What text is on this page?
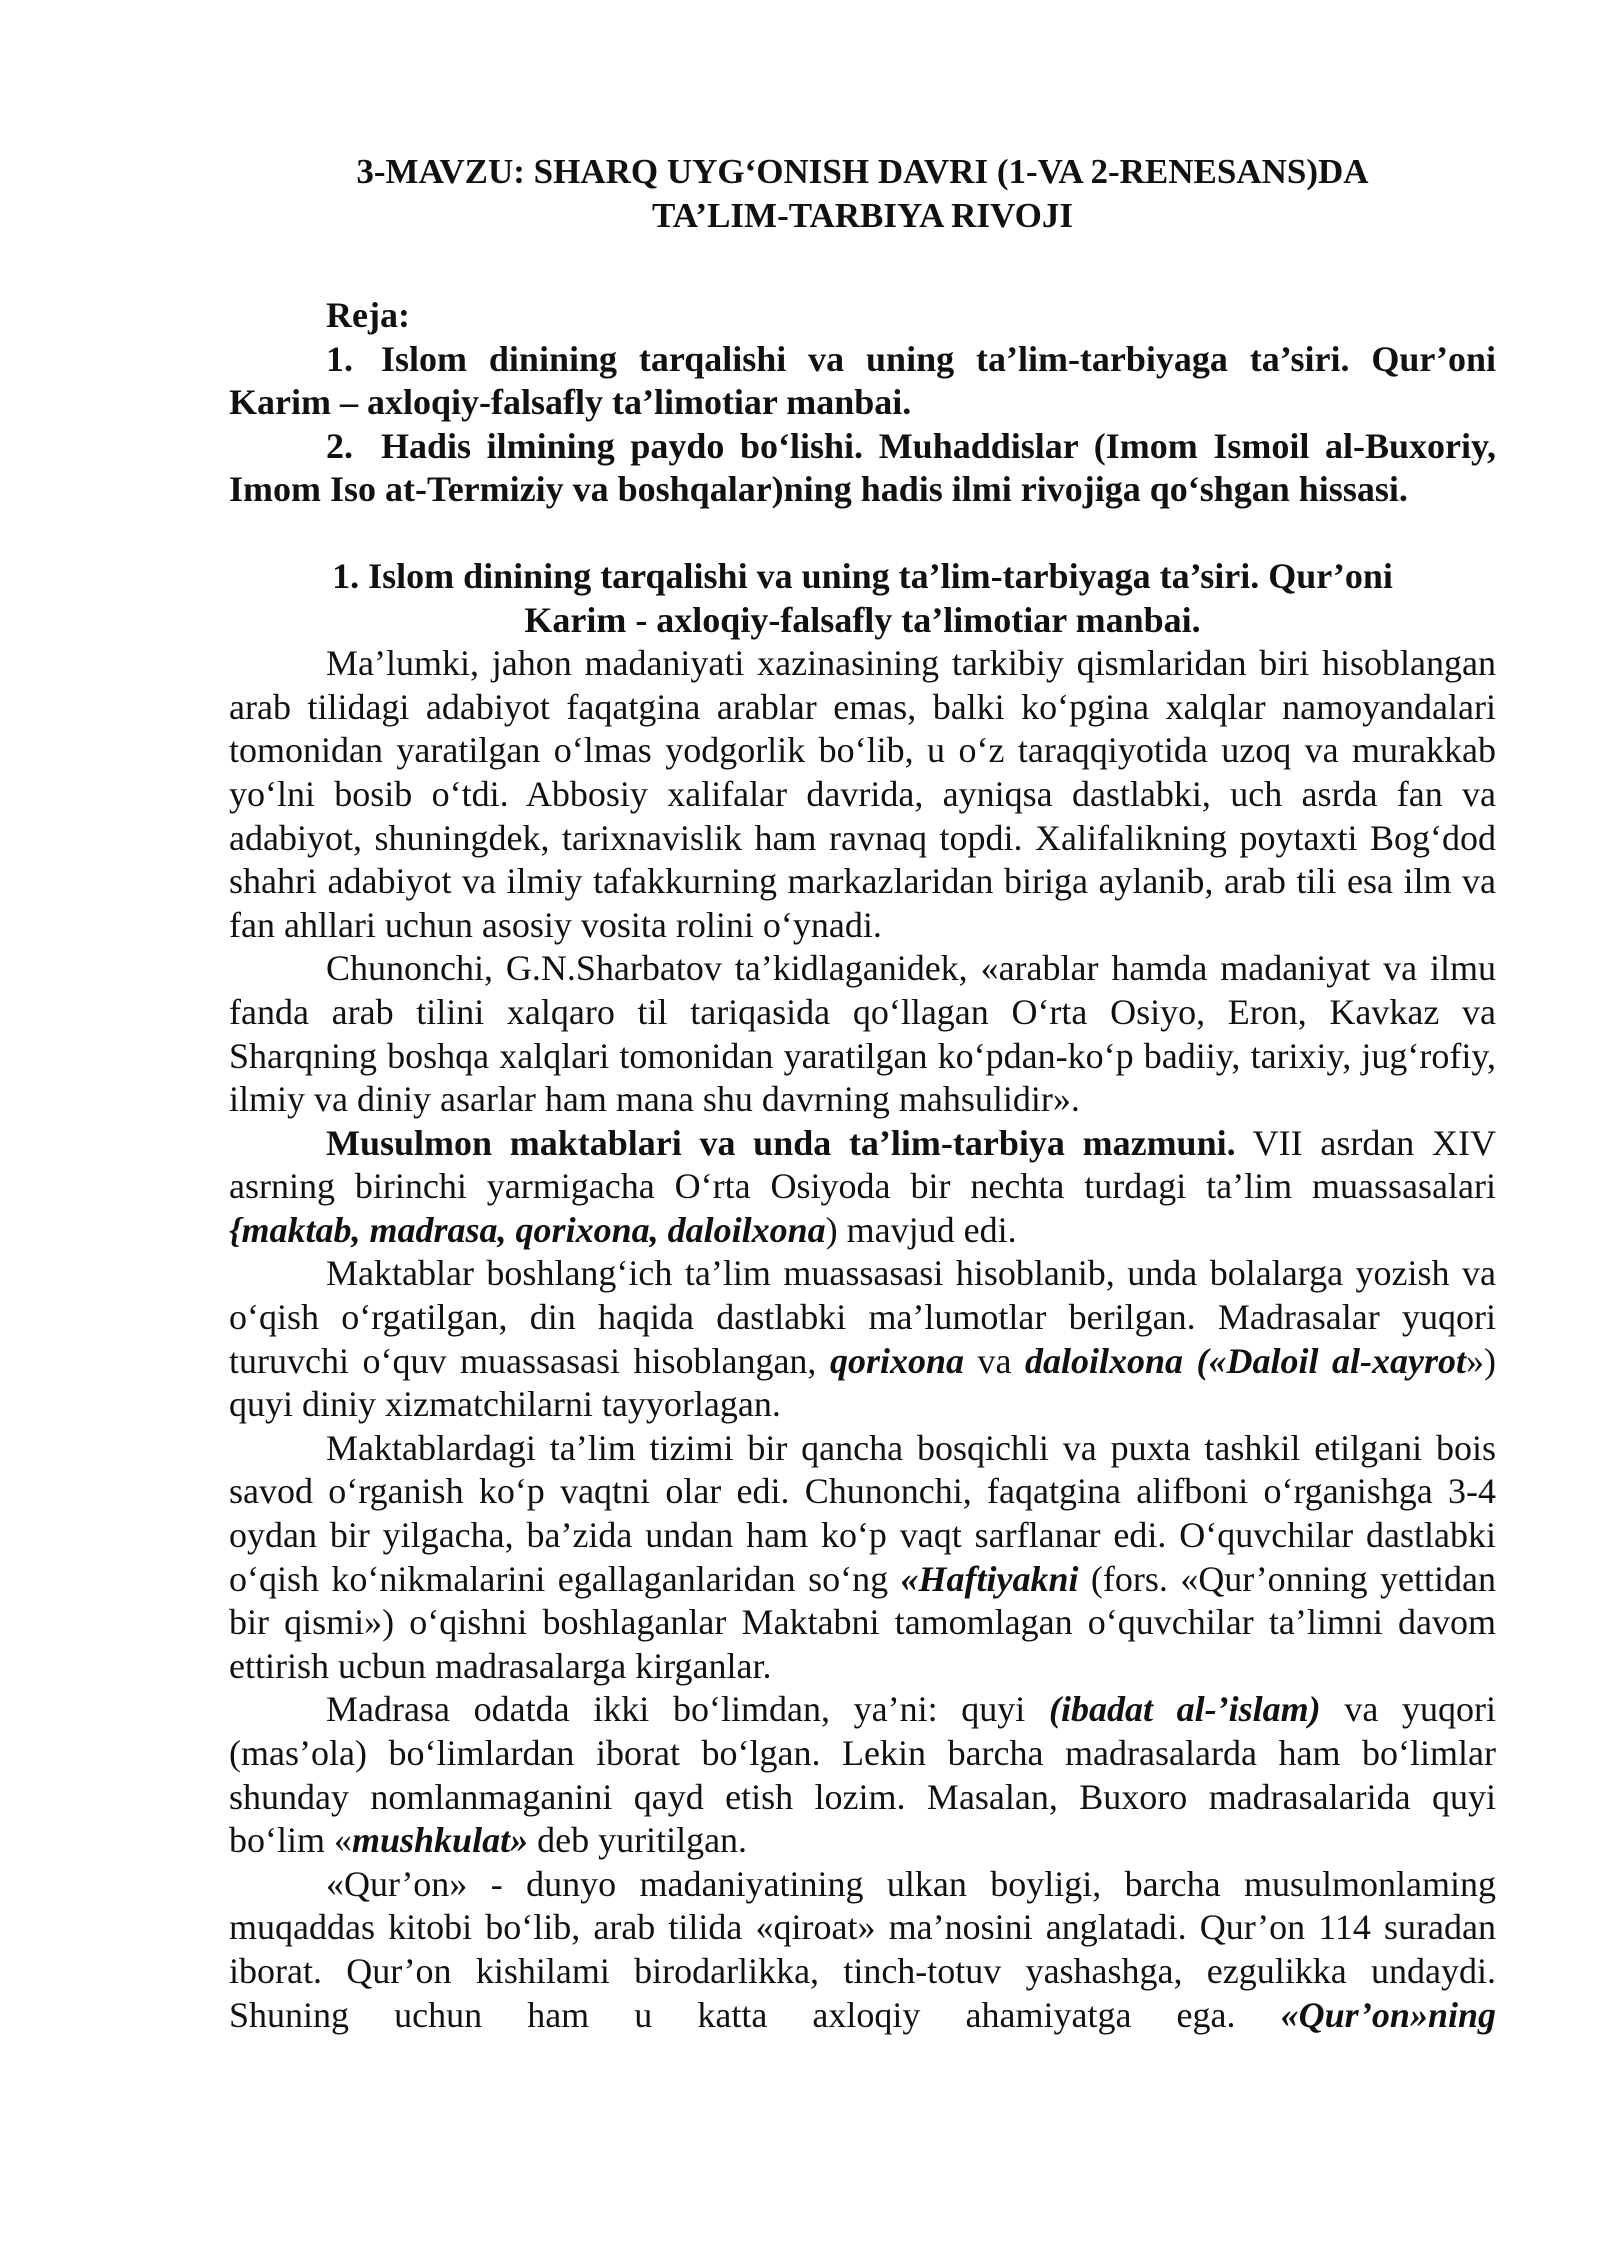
3-MAVZU: SHARQ UYG‘ONISH DAVRI (1-VA 2-RENESANS)DA
TA’LIM-TARBIYA RIVOJI

Reja:

1. Islom dinining tarqalishi va uning ta’lim-tarbiyaga ta’siri. Qur’oni Karim – axloqiy-falsafly ta’limotiar manbai.

2. Hadis ilmining paydo bo‘lishi. Muhaddislar (Imom Ismoil al-Buxoriy, Imom Iso at-Termiziy va boshqalar)ning hadis ilmi rivojiga qo‘shgan hissasi.

1. Islom dinining tarqalishi va uning ta’lim-tarbiyaga ta’siri. Qur’oni
Karim - axloqiy-falsafly ta’limotiar manbai.

Ma’lumki, jahon madaniyati xazinasining tarkibiy qismlaridan biri hisoblangan arab tilidagi adabiyot faqatgina arablar emas, balki ko‘pgina xalqlar namoyandalari tomonidan yaratilgan o‘lmas yodgorlik bo‘lib, u o‘z taraqqiyotida uzoq va murakkab yo‘lni bosib o‘tdi. Abbosiy xalifalar davrida, ayniqsa dastlabki, uch asrda fan va adabiyot, shuningdek, tarixnavislik ham ravnaq topdi. Xalifalikning poytaxti Bog‘dod shahri adabiyot va ilmiy tafakkurning markazlaridan biriga aylanib, arab tili esa ilm va fan ahllari uchun asosiy vosita rolini o‘ynadi.

Chunonchi, G.N.Sharbatov ta’kidlaganidek, «arablar hamda madaniyat va ilmu fanda arab tilini xalqaro til tariqasida qo‘llagan O‘rta Osiyo, Eron, Kavkaz va Sharqning boshqa xalqlari tomonidan yaratilgan ko‘pdan-ko‘p badiiy, tarixiy, jug‘rofiy, ilmiy va diniy asarlar ham mana shu davrning mahsulidir».

Musulmon maktablari va unda ta’lim-tarbiya mazmuni. VII asrdan XIV asrning birinchi yarmigacha O‘rta Osiyoda bir nechta turdagi ta’lim muassasalari {maktab, madrasa, qorixona, daloilxona) mavjud edi.

Maktablar boshlang‘ich ta’lim muassasasi hisoblanib, unda bolalarga yozish va o‘qish o‘rgatilgan, din haqida dastlabki ma’lumotlar berilgan. Madrasalar yuqori turuvchi o‘quv muassasasi hisoblangan, qorixona va daloilxona («Daloil al-xayrot») quyi diniy xizmatchilarni tayyorlagan.

Maktablardagi ta’lim tizimi bir qancha bosqichli va puxta tashkil etilgani bois savod o‘rganish ko‘p vaqtni olar edi. Chunonchi, faqatgina alifboni o‘rganishga 3-4 oydan bir yilgacha, ba’zida undan ham ko‘p vaqt sarflanar edi. O‘quvchilar dastlabki o‘qish ko‘nikmalarini egallaganlaridan so‘ng «Haftiyakni (fors. «Qur’onning yettidan bir qismi») o‘qishni boshlaganlar Maktabni tamomlagan o‘quvchilar ta’limni davom ettirish ucbun madrasalarga kirganlar.

Madrasa odatda ikki bo‘limdan, ya’ni: quyi (ibadat al-’islam) va yuqori (mas’ola) bo‘limlardan iborat bo‘lgan. Lekin barcha madrasalarda ham bo‘limlar shunday nomlanmaganini qayd etish lozim. Masalan, Buxoro madrasalarida quyi bo‘lim «mushkulat» deb yuritilgan.

«Qur’on» - dunyo madaniyatining ulkan boyligi, barcha musulmonlaming muqaddas kitobi bo‘lib, arab tilida «qiroat» ma’nosini anglatadi. Qur’on 114 suradan iborat. Qur’on kishilami birodarlikka, tinch-totuv yashashga, ezgulikka undaydi. Shuning uchun ham u katta axloqiy ahamiyatga ega. «Qur’on»ning
